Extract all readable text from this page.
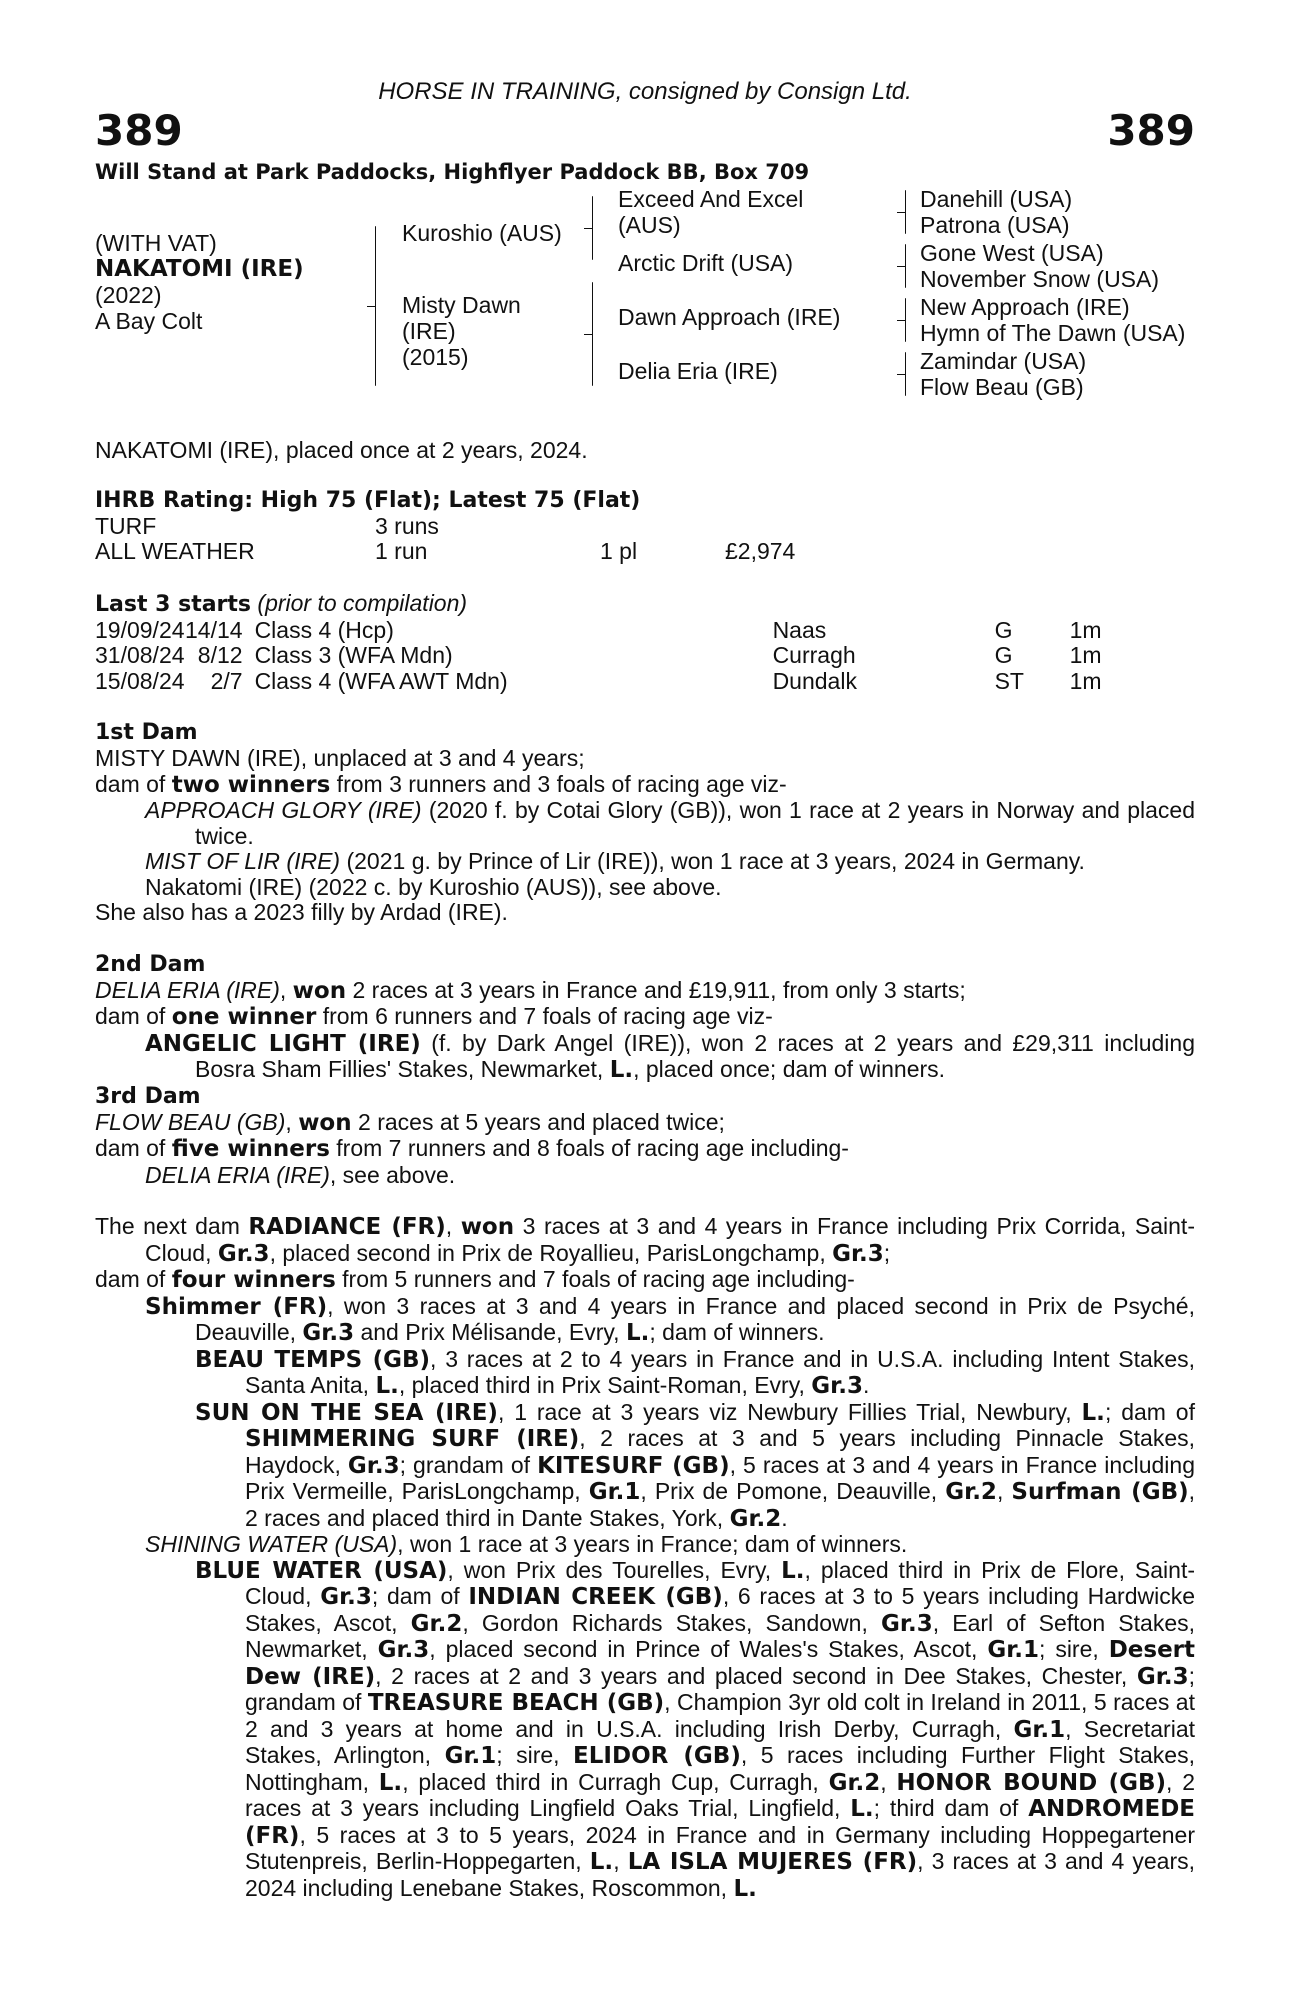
HORSE IN TRAINING, consigned by Consign Ltd.
389	389
Will Stand at Park Paddocks, Highflyer Paddock BB, Box 709
(WITH VAT)
NAKATOMI (IRE)
(2022)
A Bay Colt
Kuroshio (AUS)
Misty Dawn
(IRE)
(2015)
Exceed And Excel
(AUS)
Arctic Drift (USA)
Dawn Approach (IRE)
Delia Eria (IRE)
Danehill (USA)
Patrona (USA)
Gone West (USA)
November Snow (USA)
New Approach (IRE)
Hymn of The Dawn (USA)
Zamindar (USA)
Flow Beau (GB)
NAKATOMI (IRE), placed once at 2 years, 2024.
IHRB Rating: High 75 (Flat); Latest 75 (Flat)
TURF	3 runs		
ALL WEATHER	1 run	1 pl	£2,974
Last 3 starts (prior to compilation)
19/09/24	14/14	Class 4 (Hcp)	Naas	G	1m
31/08/24	8/12	Class 3 (WFA Mdn)	Curragh	G	1m
15/08/24	2/7	Class 4 (WFA AWT Mdn)	Dundalk	ST	1m
1st Dam
MISTY DAWN (IRE), unplaced at 3 and 4 years;
dam of two winners from 3 runners and 3 foals of racing age viz-
APPROACH GLORY (IRE) (2020 f. by Cotai Glory (GB)), won 1 race at 2 years in Norway and placed twice.
MIST OF LIR (IRE) (2021 g. by Prince of Lir (IRE)), won 1 race at 3 years, 2024 in Germany.
Nakatomi (IRE) (2022 c. by Kuroshio (AUS)), see above.
She also has a 2023 filly by Ardad (IRE).
2nd Dam
DELIA ERIA (IRE), won 2 races at 3 years in France and £19,911, from only 3 starts;
dam of one winner from 6 runners and 7 foals of racing age viz-
ANGELIC LIGHT (IRE) (f. by Dark Angel (IRE)), won 2 races at 2 years and £29,311 including Bosra Sham Fillies' Stakes, Newmarket, L., placed once; dam of winners.
3rd Dam
FLOW BEAU (GB), won 2 races at 5 years and placed twice;
dam of five winners from 7 runners and 8 foals of racing age including-
DELIA ERIA (IRE), see above.
The next dam RADIANCE (FR), won 3 races at 3 and 4 years in France including Prix Corrida, Saint-Cloud, Gr.3, placed second in Prix de Royallieu, ParisLongchamp, Gr.3;
dam of four winners from 5 runners and 7 foals of racing age including-
Shimmer (FR), won 3 races at 3 and 4 years in France and placed second in Prix de Psyché, Deauville, Gr.3 and Prix Mélisande, Evry, L.; dam of winners.
BEAU TEMPS (GB), 3 races at 2 to 4 years in France and in U.S.A. including Intent Stakes, Santa Anita, L., placed third in Prix Saint-Roman, Evry, Gr.3.
SUN ON THE SEA (IRE), 1 race at 3 years viz Newbury Fillies Trial, Newbury, L.; dam of SHIMMERING SURF (IRE), 2 races at 3 and 5 years including Pinnacle Stakes, Haydock, Gr.3; grandam of KITESURF (GB), 5 races at 3 and 4 years in France including Prix Vermeille, ParisLongchamp, Gr.1, Prix de Pomone, Deauville, Gr.2, Surfman (GB), 2 races and placed third in Dante Stakes, York, Gr.2.
SHINING WATER (USA), won 1 race at 3 years in France; dam of winners.
BLUE WATER (USA), won Prix des Tourelles, Evry, L., placed third in Prix de Flore, Saint-Cloud, Gr.3; dam of INDIAN CREEK (GB), 6 races at 3 to 5 years including Hardwicke Stakes, Ascot, Gr.2, Gordon Richards Stakes, Sandown, Gr.3, Earl of Sefton Stakes, Newmarket, Gr.3, placed second in Prince of Wales's Stakes, Ascot, Gr.1; sire, Desert Dew (IRE), 2 races at 2 and 3 years and placed second in Dee Stakes, Chester, Gr.3; grandam of TREASURE BEACH (GB), Champion 3yr old colt in Ireland in 2011, 5 races at 2 and 3 years at home and in U.S.A. including Irish Derby, Curragh, Gr.1, Secretariat Stakes, Arlington, Gr.1; sire, ELIDOR (GB), 5 races including Further Flight Stakes, Nottingham, L., placed third in Curragh Cup, Curragh, Gr.2, HONOR BOUND (GB), 2 races at 3 years including Lingfield Oaks Trial, Lingfield, L.; third dam of ANDROMEDE (FR), 5 races at 3 to 5 years, 2024 in France and in Germany including Hoppegartener Stutenpreis, Berlin-Hoppegarten, L., LA ISLA MUJERES (FR), 3 races at 3 and 4 years, 2024 including Lenebane Stakes, Roscommon, L.
